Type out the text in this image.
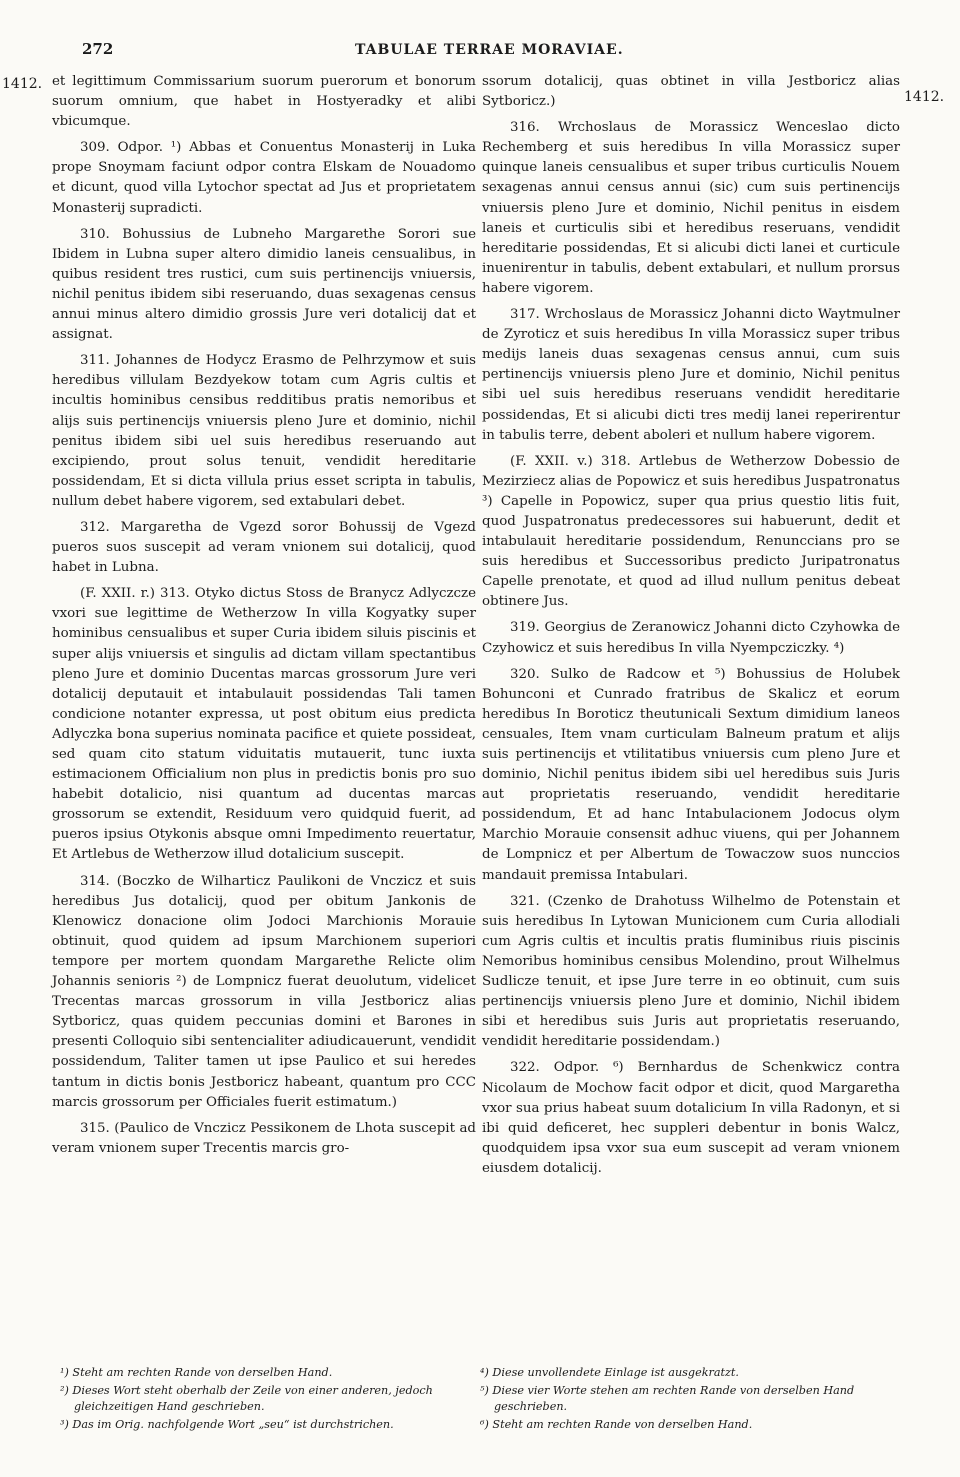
272	TABULAE TERRAE MORAVIAE.
1412.
1412.

et legittimum Commissarium suorum puerorum et bonorum suorum omnium, que habet in Hostyeradky et alibi vbicumque.

309. Odpor. ¹) Abbas et Conuentus Monasterij in Luka prope Snoymam faciunt odpor contra Elskam de Nouadomo et dicunt, quod villa Lytochor spectat ad Jus et proprietatem Monasterij supradicti.

310. Bohussius de Lubneho Margarethe Sorori sue Ibidem in Lubna super altero dimidio laneis censualibus, in quibus resident tres rustici, cum suis pertinencijs vniuersis, nichil penitus ibidem sibi reseruando, duas sexagenas census annui minus altero dimidio grossis Jure veri dotalicij dat et assignat.

311. Johannes de Hodycz Erasmo de Pelhrzymow et suis heredibus villulam Bezdyekow totam cum Agris cultis et incultis hominibus censibus redditibus pratis nemoribus et alijs suis pertinencijs vniuersis pleno Jure et dominio, nichil penitus ibidem sibi uel suis heredibus reseruando aut excipiendo, prout solus tenuit, vendidit hereditarie possidendam, Et si dicta villula prius esset scripta in tabulis, nullum debet habere vigorem, sed extabulari debet.

312. Margaretha de Vgezd soror Bohussij de Vgezd pueros suos suscepit ad veram vnionem sui dotalicij, quod habet in Lubna.

(F. XXII. r.) 313. Otyko dictus Stoss de Branycz Adlyczcze vxori sue legittime de Wetherzow In villa Kogyatky super hominibus censualibus et super Curia ibidem siluis piscinis et super alijs vniuersis et singulis ad dictam villam spectantibus pleno Jure et dominio Ducentas marcas grossorum Jure veri dotalicij deputauit et intabulauit possidendas Tali tamen condicione notanter expressa, ut post obitum eius predicta Adlyczka bona superius nominata pacifice et quiete possideat, sed quam cito statum viduitatis mutauerit, tunc iuxta estimacionem Officialium non plus in predictis bonis pro suo habebit dotalicio, nisi quantum ad ducentas marcas grossorum se extendit, Residuum vero quidquid fuerit, ad pueros ipsius Otykonis absque omni Impedimento reuertatur, Et Artlebus de Wetherzow illud dotalicium suscepit.

314. (Boczko de Wilharticz Paulikoni de Vnczicz et suis heredibus Jus dotalicij, quod per obitum Jankonis de Klenowicz donacione olim Jodoci Marchionis Morauie obtinuit, quod quidem ad ipsum Marchionem superiori tempore per mortem quondam Margarethe Relicte olim Johannis senioris ²) de Lompnicz fuerat deuolutum, videlicet Trecentas marcas grossorum in villa Jestboricz alias Sytboricz, quas quidem peccunias domini et Barones in presenti Colloquio sibi sentencialiter adiudicauerunt, vendidit possidendum, Taliter tamen ut ipse Paulico et sui heredes tantum in dictis bonis Jestboricz habeant, quantum pro CCC marcis grossorum per Officiales fuerit estimatum.)

315. (Paulico de Vnczicz Pessikonem de Lhota suscepit ad veram vnionem super Trecentis marcis gro-

ssorum dotalicij, quas obtinet in villa Jestboricz alias Sytboricz.)

316. Wrchoslaus de Morassicz Wenceslao dicto Rechemberg et suis heredibus In villa Morassicz super quinque laneis censualibus et super tribus curticulis Nouem sexagenas annui census annui (sic) cum suis pertinencijs vniuersis pleno Jure et dominio, Nichil penitus in eisdem laneis et curticulis sibi et heredibus reseruans, vendidit hereditarie possidendas, Et si alicubi dicti lanei et curticule inuenirentur in tabulis, debent extabulari, et nullum prorsus habere vigorem.

317. Wrchoslaus de Morassicz Johanni dicto Waytmulner de Zyroticz et suis heredibus In villa Morassicz super tribus medijs laneis duas sexagenas census annui, cum suis pertinencijs vniuersis pleno Jure et dominio, Nichil penitus sibi uel suis heredibus reseruans vendidit hereditarie possidendas, Et si alicubi dicti tres medij lanei reperirentur in tabulis terre, debent aboleri et nullum habere vigorem.

(F. XXII. v.) 318. Artlebus de Wetherzow Dobessio de Mezirziecz alias de Popowicz et suis heredibus Juspatronatus ³) Capelle in Popowicz, super qua prius questio litis fuit, quod Juspatronatus predecessores sui habuerunt, dedit et intabulauit hereditarie possidendum, Renunccians pro se suis heredibus et Successoribus predicto Juripatronatus Capelle prenotate, et quod ad illud nullum penitus debeat obtinere Jus.

319. Georgius de Zeranowicz Johanni dicto Czyhowka de Czyhowicz et suis heredibus In villa Nyempcziczky. ⁴)

320. Sulko de Radcow et ⁵) Bohussius de Holubek Bohunconi et Cunrado fratribus de Skalicz et eorum heredibus In Boroticz theutunicali Sextum dimidium laneos censuales, Item vnam curticulam Balneum pratum et alijs suis pertinencijs et vtilitatibus vniuersis cum pleno Jure et dominio, Nichil penitus ibidem sibi uel heredibus suis Juris aut proprietatis reseruando, vendidit hereditarie possidendum, Et ad hanc Intabulacionem Jodocus olym Marchio Morauie consensit adhuc viuens, qui per Johannem de Lompnicz et per Albertum de Towaczow suos nunccios mandauit premissa Intabulari.

321. (Czenko de Drahotuss Wilhelmo de Potenstain et suis heredibus In Lytowan Municionem cum Curia allodiali cum Agris cultis et incultis pratis fluminibus riuis piscinis Nemoribus hominibus censibus Molendino, prout Wilhelmus Sudlicze tenuit, et ipse Jure terre in eo obtinuit, cum suis pertinencijs vniuersis pleno Jure et dominio, Nichil ibidem sibi et heredibus suis Juris aut proprietatis reseruando, vendidit hereditarie possidendam.)

322. Odpor. ⁶) Bernhardus de Schenkwicz contra Nicolaum de Mochow facit odpor et dicit, quod Margaretha vxor sua prius habeat suum dotalicium In villa Radonyn, et si ibi quid deficeret, hec suppleri debentur in bonis Walcz, quodquidem ipsa vxor sua eum suscepit ad veram vnionem eiusdem dotalicij.

¹) Steht am rechten Rande von derselben Hand.
²) Dieses Wort steht oberhalb der Zeile von einer anderen, jedoch gleichzeitigen Hand geschrieben.
³) Das im Orig. nachfolgende Wort „seu“ ist durchstrichen.
⁴) Diese unvollendete Einlage ist ausgekratzt.
⁵) Diese vier Worte stehen am rechten Rande von derselben Hand geschrieben.
⁶) Steht am rechten Rande von derselben Hand.
